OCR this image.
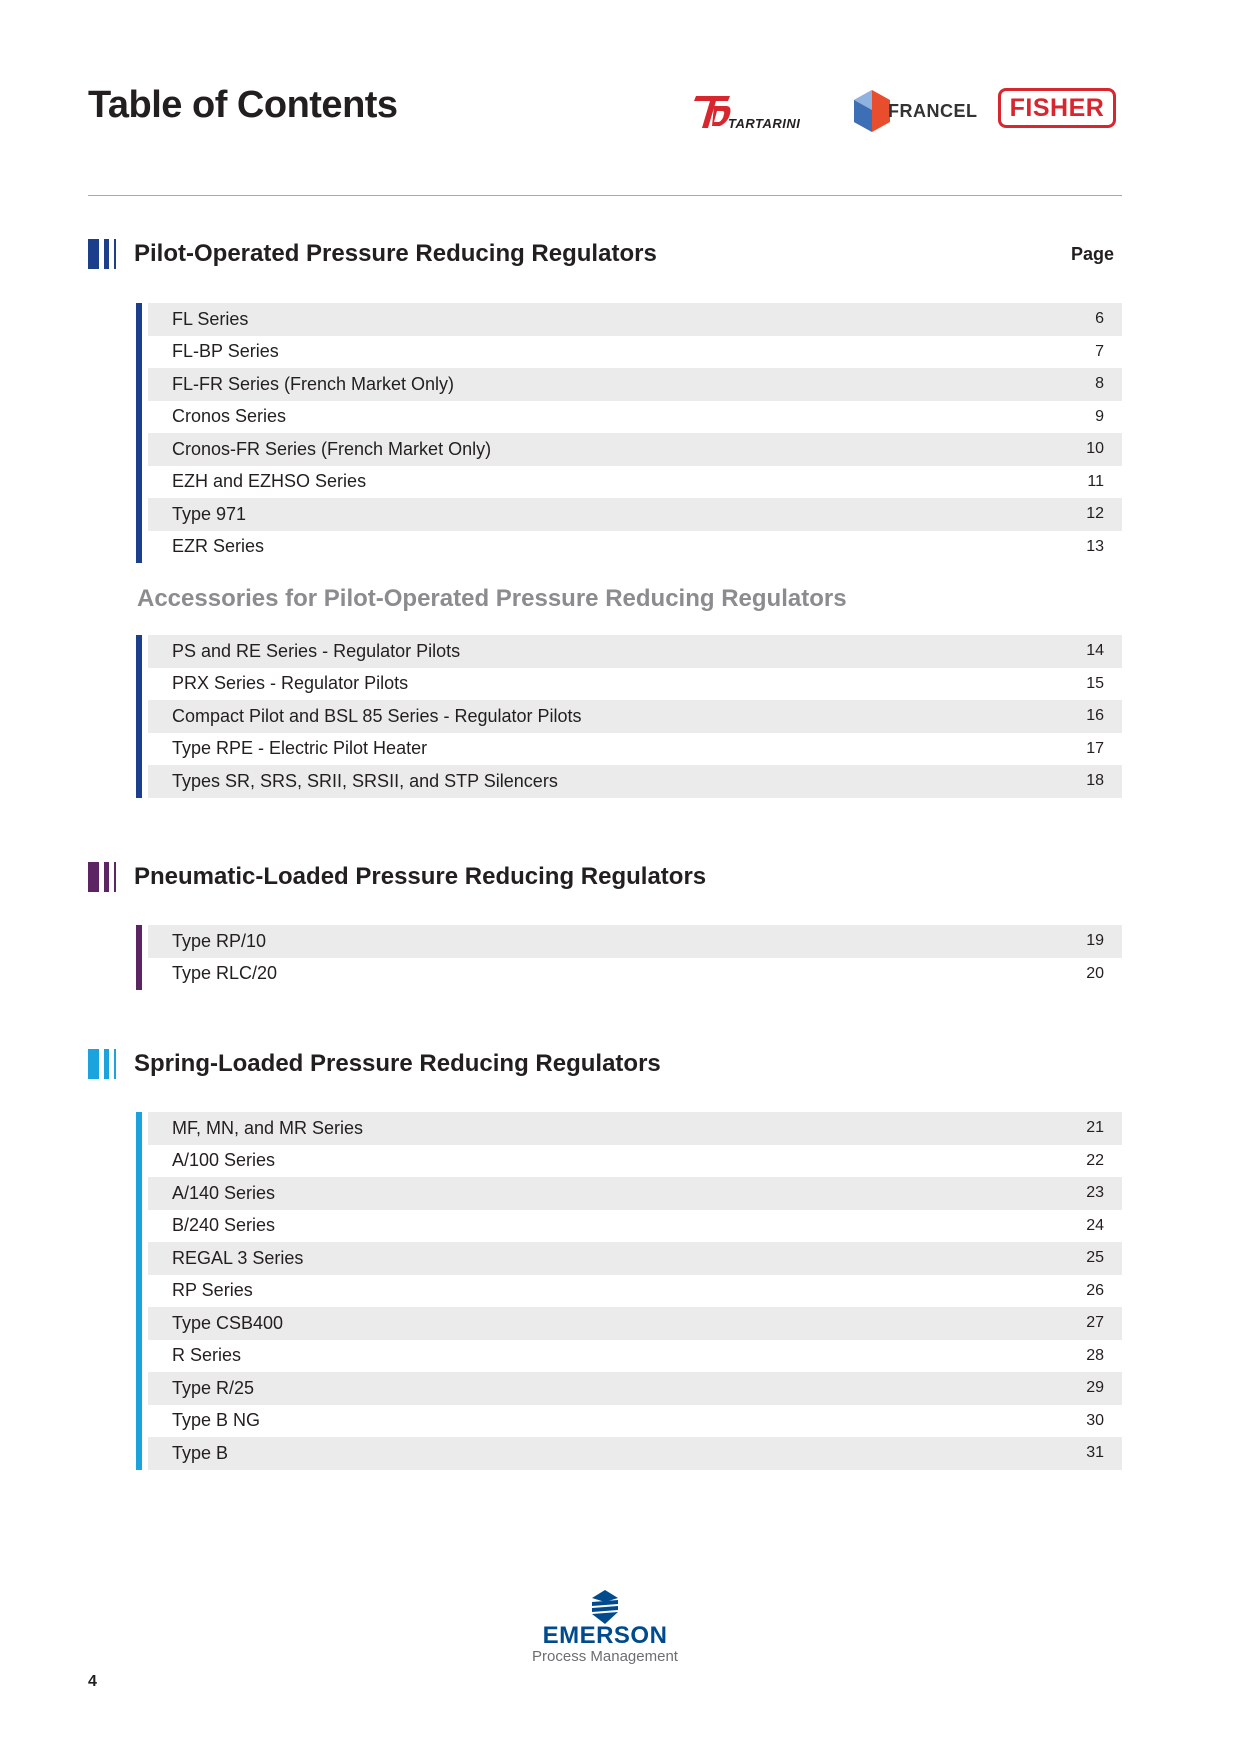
Table of Contents	TARTARINI
FRANCEL	FISHER
Pilot-Operated Pressure Reducing Regulators	Page
FL Series	6
FL-BP Series	7
FL-FR Series (French Market Only)	8
Cronos Series	9
Cronos-FR Series (French Market Only)	10
EZH and EZHSO Series	11
Type 971	12
EZR Series	13
Accessories for Pilot-Operated Pressure Reducing Regulators
PS and RE Series - Regulator Pilots	14
PRX Series - Regulator Pilots	15
Compact Pilot and BSL 85 Series - Regulator Pilots	16
Type RPE - Electric Pilot Heater	17
Types SR, SRS, SRII, SRSII, and STP Silencers	18
Pneumatic-Loaded Pressure Reducing Regulators
Type RP/10	19
Type RLC/20	20
Spring-Loaded Pressure Reducing Regulators
MF, MN, and MR Series	21
A/100 Series	22
A/140 Series	23
B/240 Series	24
REGAL 3 Series	25
RP Series	26
Type CSB400	27
R Series	28
Type R/25	29
Type B NG	30
Type B	31
EMERSON
Process Management
4
